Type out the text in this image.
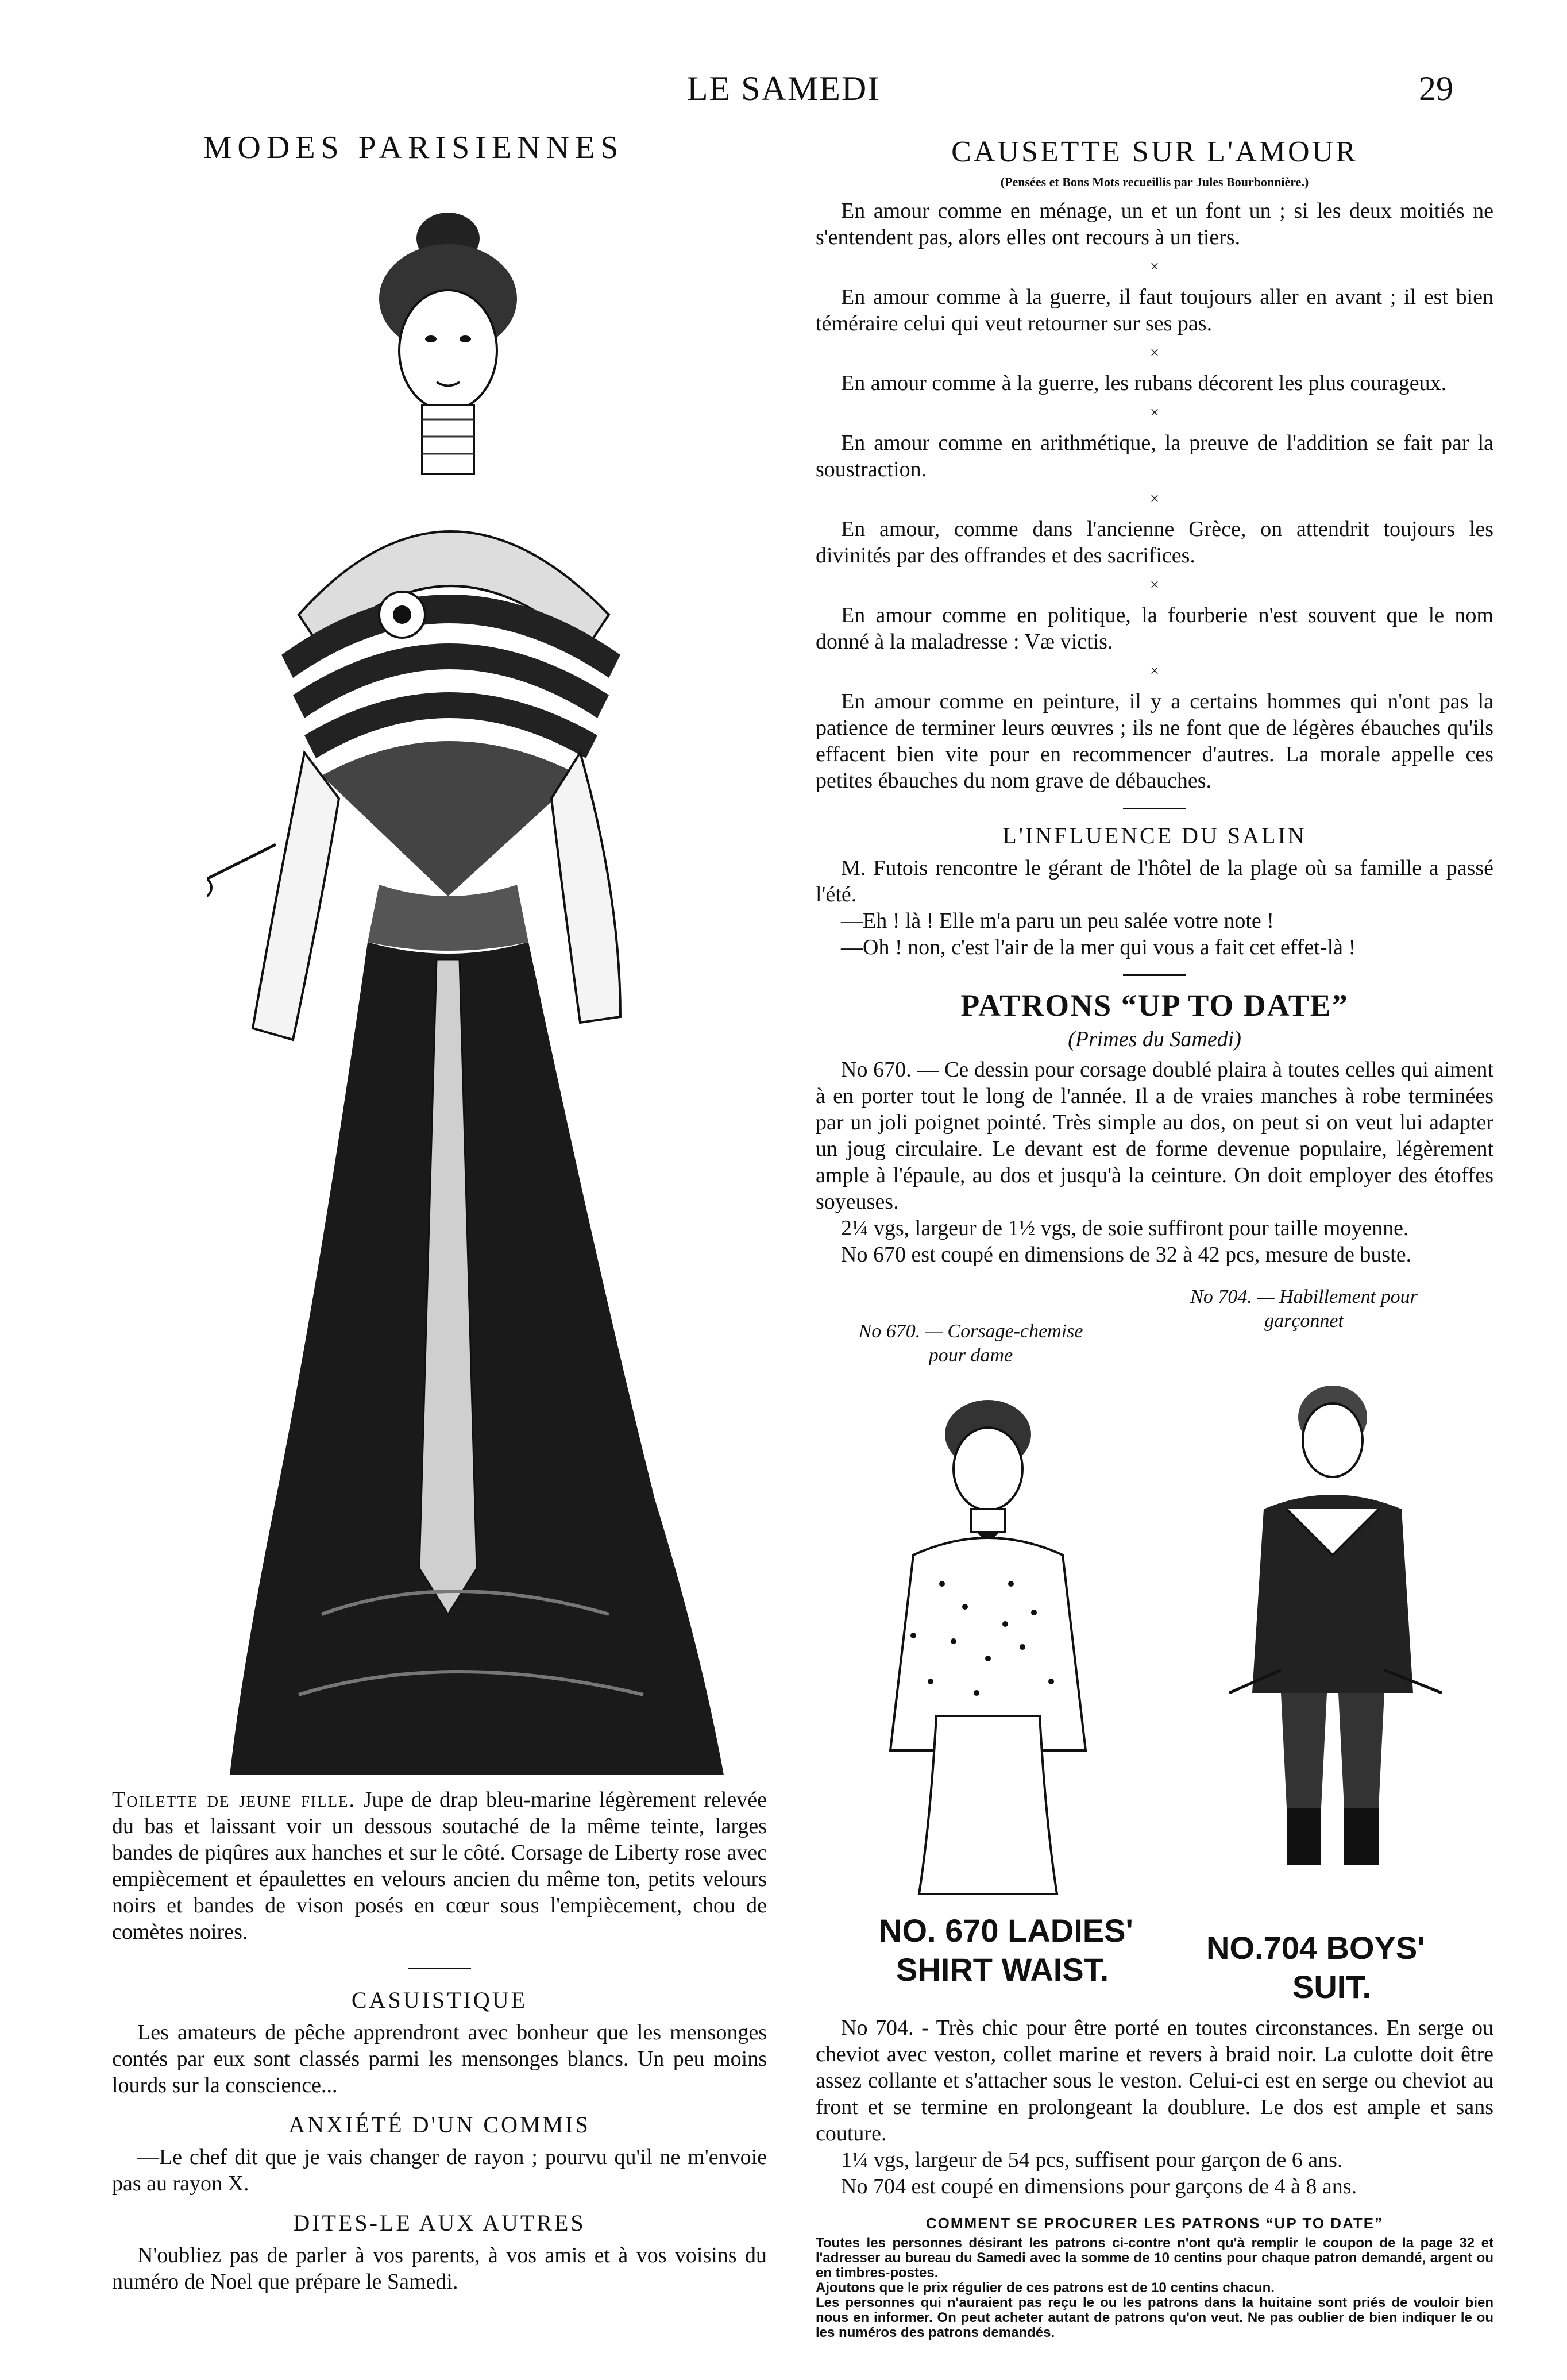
LE SAMEDI	29
MODES PARISIENNES
Toilette de jeune fille. Jupe de drap bleu-marine légèrement relevée du bas et laissant voir un dessous soutaché de la même teinte, larges bandes de piqûres aux hanches et sur le côté. Corsage de Liberty rose avec empiècement et épaulettes en velours ancien du même ton, petits velours noirs et bandes de vison posés en cœur sous l'empiècement, chou de comètes noires.
CASUISTIQUE
Les amateurs de pêche apprendront avec bonheur que les mensonges contés par eux sont classés parmi les mensonges blancs. Un peu moins lourds sur la conscience...
ANXIÉTÉ D'UN COMMIS
—Le chef dit que je vais changer de rayon ; pourvu qu'il ne m'envoie pas au rayon X.
DITES-LE AUX AUTRES
N'oubliez pas de parler à vos parents, à vos amis et à vos voisins du numéro de Noel que prépare le Samedi.
CAUSETTE SUR L'AMOUR
(Pensées et Bons Mots recueillis par Jules Bourbonnière.)
En amour comme en ménage, un et un font un ; si les deux moitiés ne s'entendent pas, alors elles ont recours à un tiers.
×
En amour comme à la guerre, il faut toujours aller en avant ; il est bien téméraire celui qui veut retourner sur ses pas.
×
En amour comme à la guerre, les rubans décorent les plus courageux.
×
En amour comme en arithmétique, la preuve de l'addition se fait par la soustraction.
×
En amour, comme dans l'ancienne Grèce, on attendrit toujours les divinités par des offrandes et des sacrifices.
×
En amour comme en politique, la fourberie n'est souvent que le nom donné à la maladresse : Væ victis.
×
En amour comme en peinture, il y a certains hommes qui n'ont pas la patience de terminer leurs œuvres ; ils ne font que de légères ébauches qu'ils effacent bien vite pour en recommencer d'autres. La morale appelle ces petites ébauches du nom grave de débauches.
L'INFLUENCE DU SALIN
M. Futois rencontre le gérant de l'hôtel de la plage où sa famille a passé l'été.
—Eh ! là ! Elle m'a paru un peu salée votre note !
—Oh ! non, c'est l'air de la mer qui vous a fait cet effet-là !
PATRONS “UP TO DATE”
(Primes du Samedi)
No 670. — Ce dessin pour corsage doublé plaira à toutes celles qui aiment à en porter tout le long de l'année. Il a de vraies manches à robe terminées par un joli poignet pointé. Très simple au dos, on peut si on veut lui adapter un joug circulaire. Le devant est de forme devenue populaire, légèrement ample à l'épaule, au dos et jusqu'à la ceinture. On doit employer des étoffes soyeuses.
2¼ vgs, largeur de 1½ vgs, de soie suffiront pour taille moyenne.
No 670 est coupé en dimensions de 32 à 42 pcs, mesure de buste.
No 670. — Corsage-chemise pour dame
No 704. — Habillement pour garçonnet
NO. 670 LADIES'
SHIRT WAIST.
NO.704 BOYS'
SUIT.
No 704. - Très chic pour être porté en toutes circonstances. En serge ou cheviot avec veston, collet marine et revers à braid noir. La culotte doit être assez collante et s'attacher sous le veston. Celui-ci est en serge ou cheviot au front et se termine en prolongeant la doublure. Le dos est ample et sans couture.
1¼ vgs, largeur de 54 pcs, suffisent pour garçon de 6 ans.
No 704 est coupé en dimensions pour garçons de 4 à 8 ans.
COMMENT SE PROCURER LES PATRONS “UP TO DATE”
Toutes les personnes désirant les patrons ci-contre n'ont qu'à remplir le coupon de la page 32 et l'adresser au bureau du Samedi avec la somme de 10 centins pour chaque patron demandé, argent ou en timbres-postes.
Ajoutons que le prix régulier de ces patrons est de 10 centins chacun.
Les personnes qui n'auraient pas reçu le ou les patrons dans la huitaine sont priés de vouloir bien nous en informer. On peut acheter autant de patrons qu'on veut. Ne pas oublier de bien indiquer le ou les numéros des patrons demandés.
